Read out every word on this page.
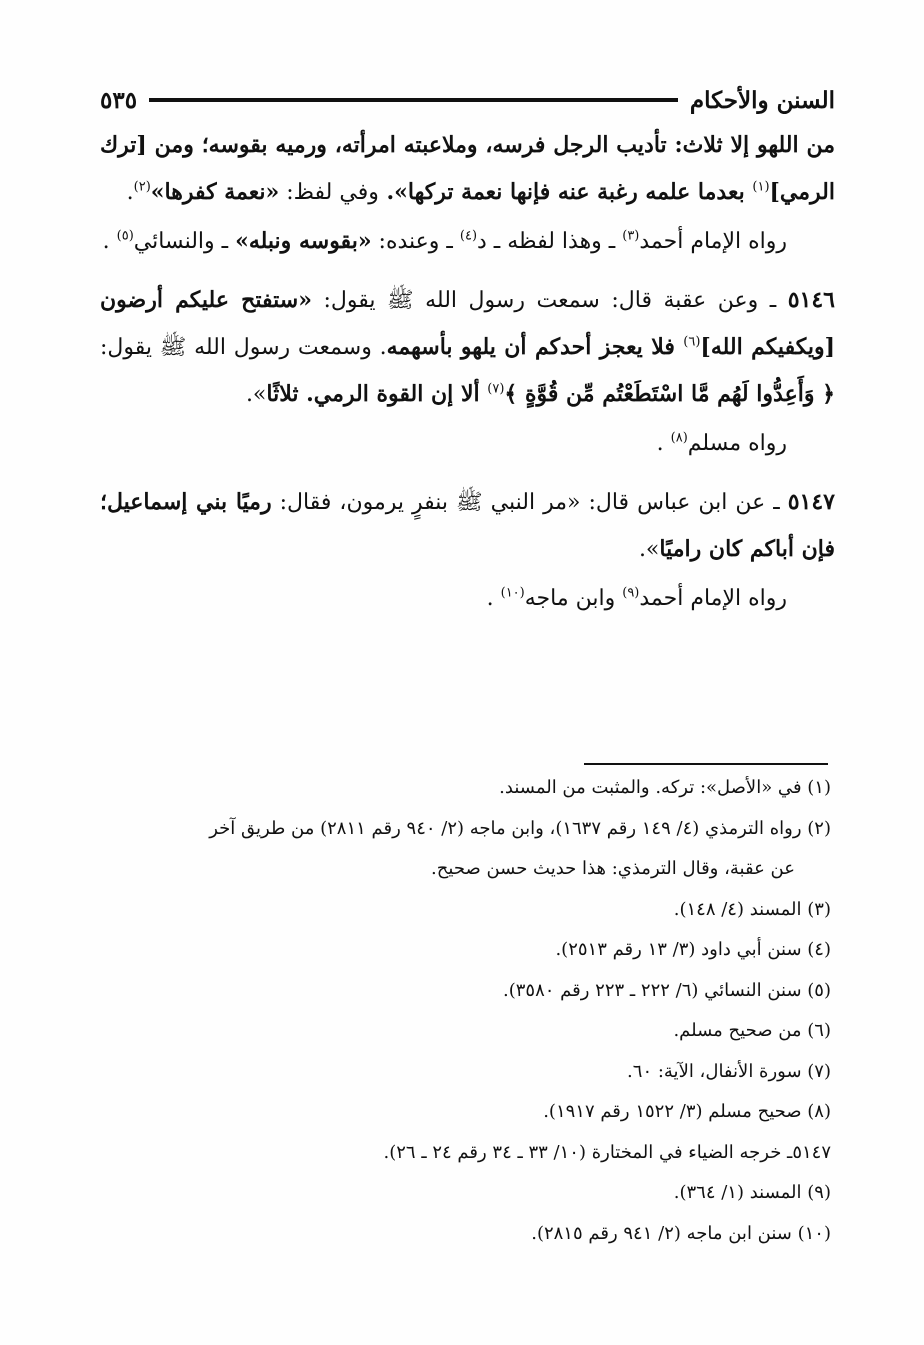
السنن والأحكام
٥٣٥

من اللهو إلا ثلاث: تأديب الرجل فرسه، وملاعبته امرأته، ورميه بقوسه؛ ومن [ترك الرمي]$^{(١)}$ بعدما علمه رغبة عنه فإنها نعمة تركها». وفي لفظ: «نعمة كفرها»$^{(٢)}$.

رواه الإمام أحمد$^{(٣)}$ ـ وهذا لفظه ـ د$^{(٤)}$ ـ وعنده: «بقوسه ونبله» ـ والنسائي$^{(٥)}$ .

٥١٤٦ ـ وعن عقبة قال: سمعت رسول الله ﷺ يقول: «ستفتح عليكم أرضون [ويكفيكم الله]$^{(٦)}$ فلا يعجز أحدكم أن يلهو بأسهمه. وسمعت رسول الله ﷺ يقول: ﴿ وَأَعِدُّوا لَهُم مَّا اسْتَطَعْتُم مِّن قُوَّةٍ ﴾$^{(٧)}$ ألا إن القوة الرمي. ثلاثًا».

رواه مسلم$^{(٨)}$ .

٥١٤٧ ـ عن ابن عباس قال: «مر النبي ﷺ بنفرٍ يرمون، فقال: رميًا بني إسماعيل؛ فإن أباكم كان راميًا».

رواه الإمام أحمد$^{(٩)}$ وابن ماجه$^{(١٠)}$ .

(١) في «الأصل»: تركه. والمثبت من المسند.

(٢) رواه الترمذي (٤/ ١٤٩ رقم ١٦٣٧)، وابن ماجه (٢/ ٩٤٠ رقم ٢٨١١) من طريق آخر

عن عقبة، وقال الترمذي: هذا حديث حسن صحيح.

(٣) المسند (٤/ ١٤٨).

(٤) سنن أبي داود (٣/ ١٣ رقم ٢٥١٣).

(٥) سنن النسائي (٦/ ٢٢٢ ـ ٢٢٣ رقم ٣٥٨٠).

(٦) من صحيح مسلم.

(٧) سورة الأنفال، الآية: ٦٠.

(٨) صحيح مسلم (٣/ ١٥٢٢ رقم ١٩١٧).

٥١٤٧ـ خرجه الضياء في المختارة (١٠/ ٣٣ ـ ٣٤ رقم ٢٤ ـ ٢٦).

(٩) المسند (١/ ٣٦٤).

(١٠) سنن ابن ماجه (٢/ ٩٤١ رقم ٢٨١٥).
